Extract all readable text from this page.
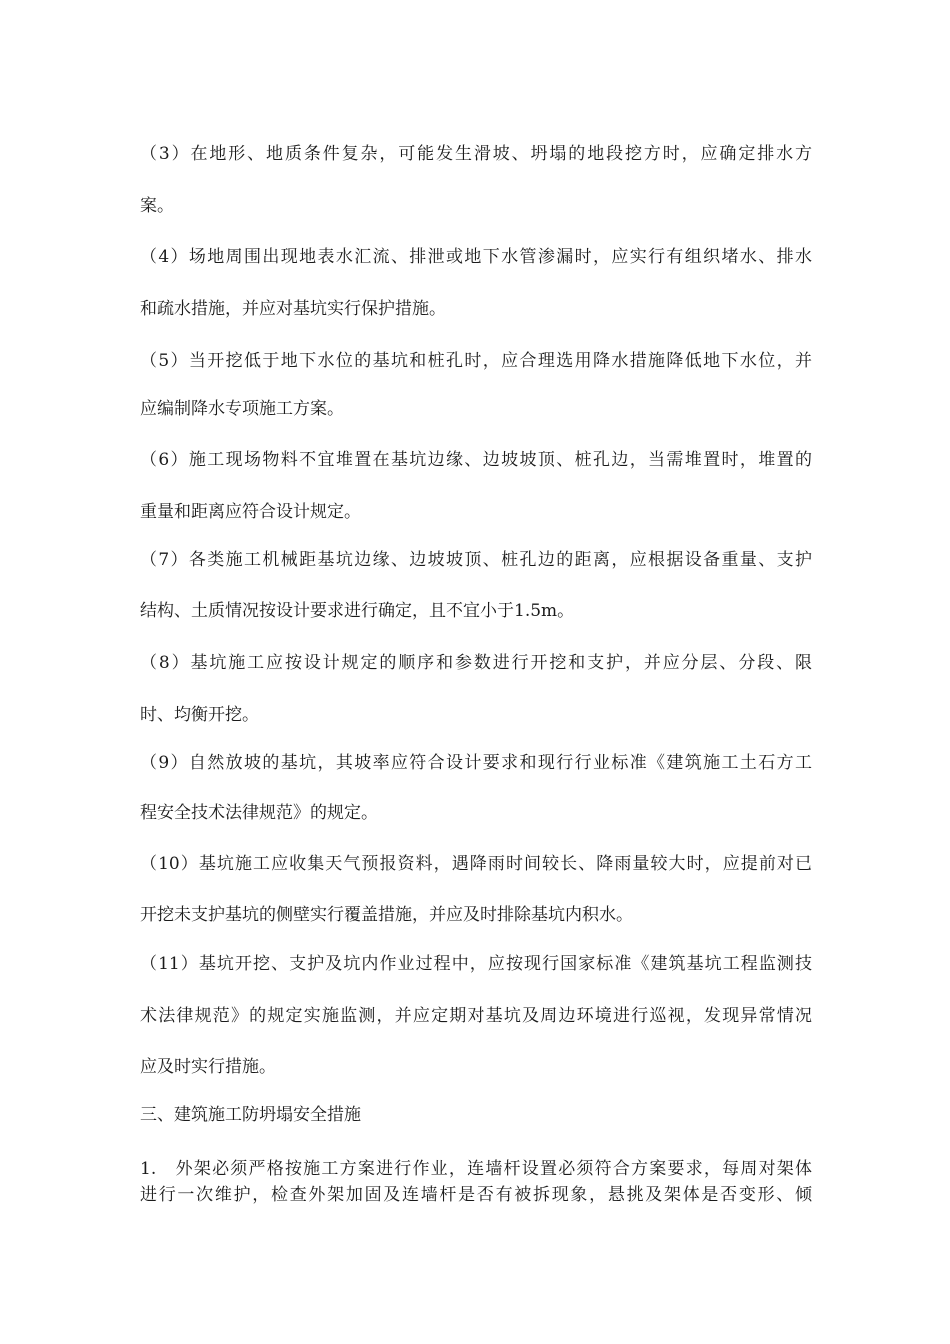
（3）在地形、地质条件复杂，可能发生滑坡、坍塌的地段挖方时，应确定排水方
案。
（4）场地周围出现地表水汇流、排泄或地下水管渗漏时，应实行有组织堵水、排水
和疏水措施，并应对基坑实行保护措施。
（5）当开挖低于地下水位的基坑和桩孔时，应合理选用降水措施降低地下水位，并
应编制降水专项施工方案。
（6）施工现场物料不宜堆置在基坑边缘、边坡坡顶、桩孔边，当需堆置时，堆置的
重量和距离应符合设计规定。
（7）各类施工机械距基坑边缘、边坡坡顶、桩孔边的距离，应根据设备重量、支护
结构、土质情况按设计要求进行确定，且不宜小于1.5m。
（8）基坑施工应按设计规定的顺序和参数进行开挖和支护，并应分层、分段、限
时、均衡开挖。
（9）自然放坡的基坑，其坡率应符合设计要求和现行行业标准《建筑施工土石方工
程安全技术法律规范》的规定。
（10）基坑施工应收集天气预报资料，遇降雨时间较长、降雨量较大时，应提前对已
开挖未支护基坑的侧壁实行覆盖措施，并应及时排除基坑内积水。
（11）基坑开挖、支护及坑内作业过程中，应按现行国家标准《建筑基坑工程监测技
术法律规范》的规定实施监测，并应定期对基坑及周边环境进行巡视，发现异常情况
应及时实行措施。
三、建筑施工防坍塌安全措施
1.　外架必须严格按施工方案进行作业，连墙杆设置必须符合方案要求，每周对架体
进行一次维护，检查外架加固及连墙杆是否有被拆现象，悬挑及架体是否变形、倾
